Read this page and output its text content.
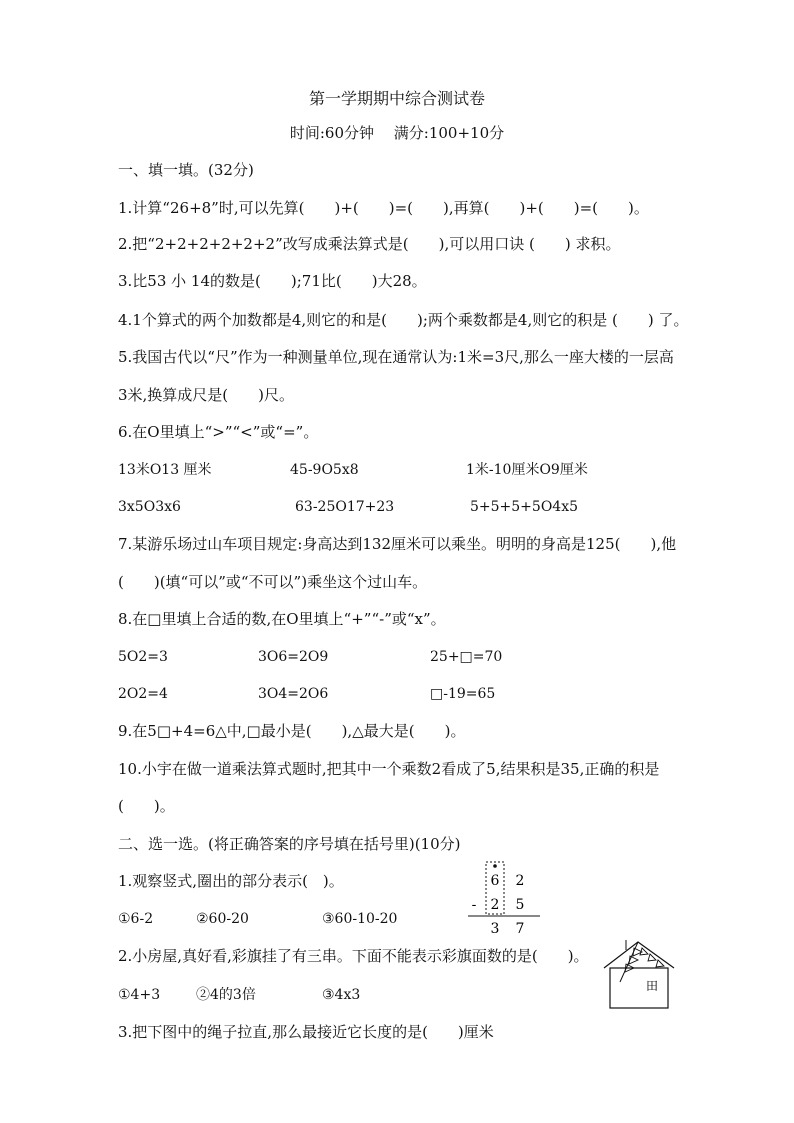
第一学期期中综合测试卷
时间:60分钟　 满分:100+10分
一、填一填。(32分)
1.计算“26+8”时,可以先算(　　)+(　　)=(　　),再算(　　)+(　　)=(　　)。
2.把“2+2+2+2+2+2”改写成乘法算式是(　　),可以用口诀 (　　) 求积。
3.比53 小 14的数是(　　);71比(　　)大28。
4.1个算式的两个加数都是4,则它的和是(　　);两个乘数都是4,则它的积是 (　　) 了。
5.我国古代以“尺”作为一种测量单位,现在通常认为:1米=3尺,那么一座大楼的一层高
3米,换算成尺是(　　)尺。
6.在O里填上“>”“<”或“=”。
13米O13 厘米	45-9O5x8	1米-10厘米O9厘米
3x5O3x6	63-25O17+23	5+5+5+5O4x5
7.某游乐场过山车项目规定:身高达到132厘米可以乘坐。明明的身高是125(　　),他
(　　)(填“可以”或“不可以”)乘坐这个过山车。
8.在□里填上合适的数,在O里填上“+”“-”或“x”。
5O2=3	3O6=2O9	25+□=70
2O2=4	3O4=2O6	□-19=65
9.在5□+4=6△中,□最小是(　　),△最大是(　　)。
10.小宇在做一道乘法算式题时,把其中一个乘数2看成了5,结果积是35,正确的积是
(　　)。
二、选一选。(将正确答案的序号填在括号里)(10分)
1.观察竖式,圈出的部分表示(　)。
①6-2	②60-20	③60-10-20
6 2
- 2 5
3 7
2.小房屋,真好看,彩旗挂了有三串。下面不能表示彩旗面数的是(　　)。
①4+3	②4的3倍	③4x3
田
3.把下图中的绳子拉直,那么最接近它长度的是(　　)厘米
